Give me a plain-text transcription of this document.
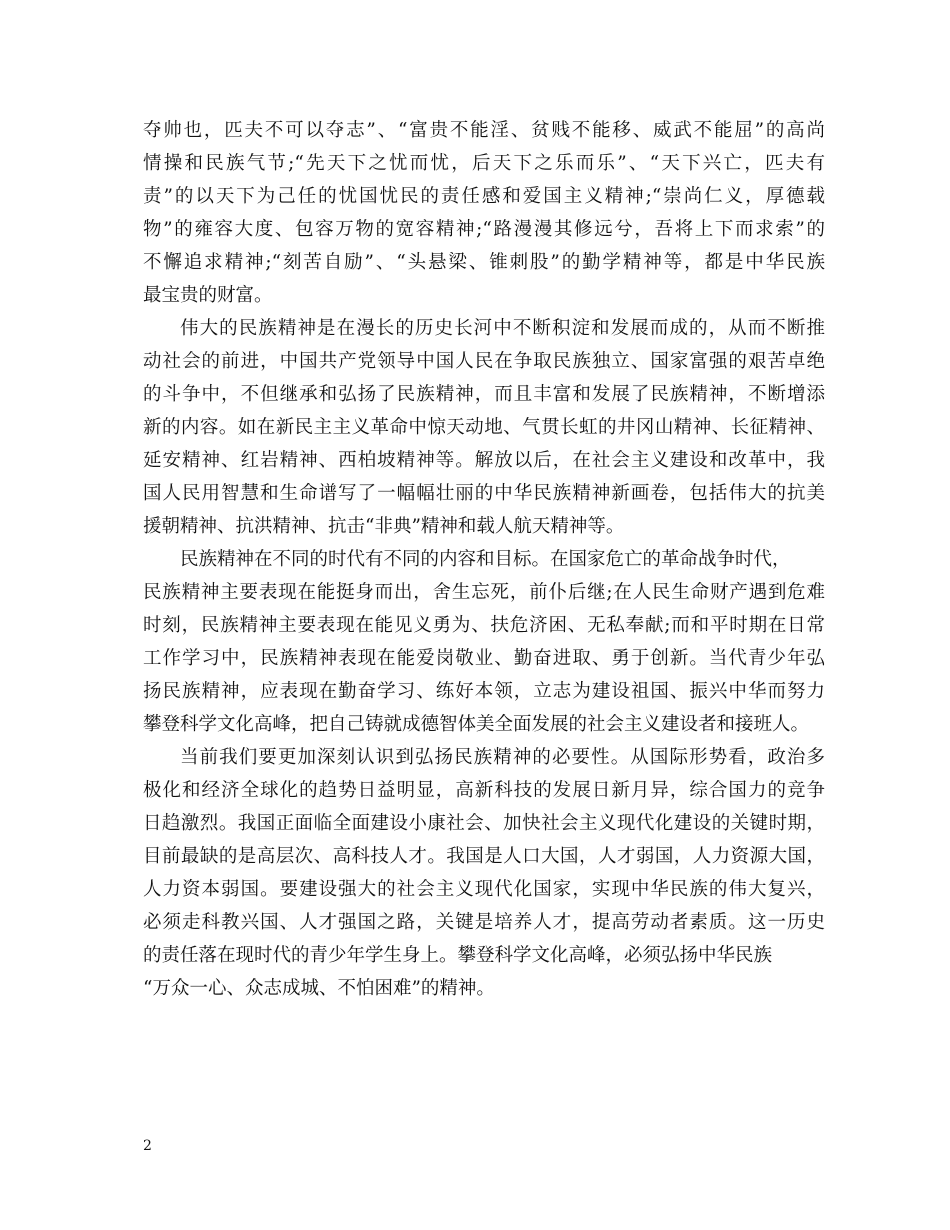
夺帅也，匹夫不可以夺志”、“富贵不能淫、贫贱不能移、威武不能屈”的高尚
情操和民族气节;“先天下之忧而忧，后天下之乐而乐”、“天下兴亡，匹夫有
责”的以天下为己任的忧国忧民的责任感和爱国主义精神;“崇尚仁义，厚德载
物”的雍容大度、包容万物的宽容精神;“路漫漫其修远兮，吾将上下而求索”的
不懈追求精神;“刻苦自励”、“头悬梁、锥刺股”的勤学精神等，都是中华民族
最宝贵的财富。
伟大的民族精神是在漫长的历史长河中不断积淀和发展而成的，从而不断推
动社会的前进，中国共产党领导中国人民在争取民族独立、国家富强的艰苦卓绝
的斗争中，不但继承和弘扬了民族精神，而且丰富和发展了民族精神，不断增添
新的内容。如在新民主主义革命中惊天动地、气贯长虹的井冈山精神、长征精神、
延安精神、红岩精神、西柏坡精神等。解放以后，在社会主义建设和改革中，我
国人民用智慧和生命谱写了一幅幅壮丽的中华民族精神新画卷，包括伟大的抗美
援朝精神、抗洪精神、抗击“非典”精神和载人航天精神等。
民族精神在不同的时代有不同的内容和目标。在国家危亡的革命战争时代，
民族精神主要表现在能挺身而出，舍生忘死，前仆后继;在人民生命财产遇到危难
时刻，民族精神主要表现在能见义勇为、扶危济困、无私奉献;而和平时期在日常
工作学习中，民族精神表现在能爱岗敬业、勤奋进取、勇于创新。当代青少年弘
扬民族精神，应表现在勤奋学习、练好本领，立志为建设祖国、振兴中华而努力
攀登科学文化高峰，把自己铸就成德智体美全面发展的社会主义建设者和接班人。
当前我们要更加深刻认识到弘扬民族精神的必要性。从国际形势看，政治多
极化和经济全球化的趋势日益明显，高新科技的发展日新月异，综合国力的竞争
日趋激烈。我国正面临全面建设小康社会、加快社会主义现代化建设的关键时期，
目前最缺的是高层次、高科技人才。我国是人口大国，人才弱国，人力资源大国，
人力资本弱国。要建设强大的社会主义现代化国家，实现中华民族的伟大复兴，
必须走科教兴国、人才强国之路，关键是培养人才，提高劳动者素质。这一历史
的责任落在现时代的青少年学生身上。攀登科学文化高峰，必须弘扬中华民族
“万众一心、众志成城、不怕困难”的精神。
2
